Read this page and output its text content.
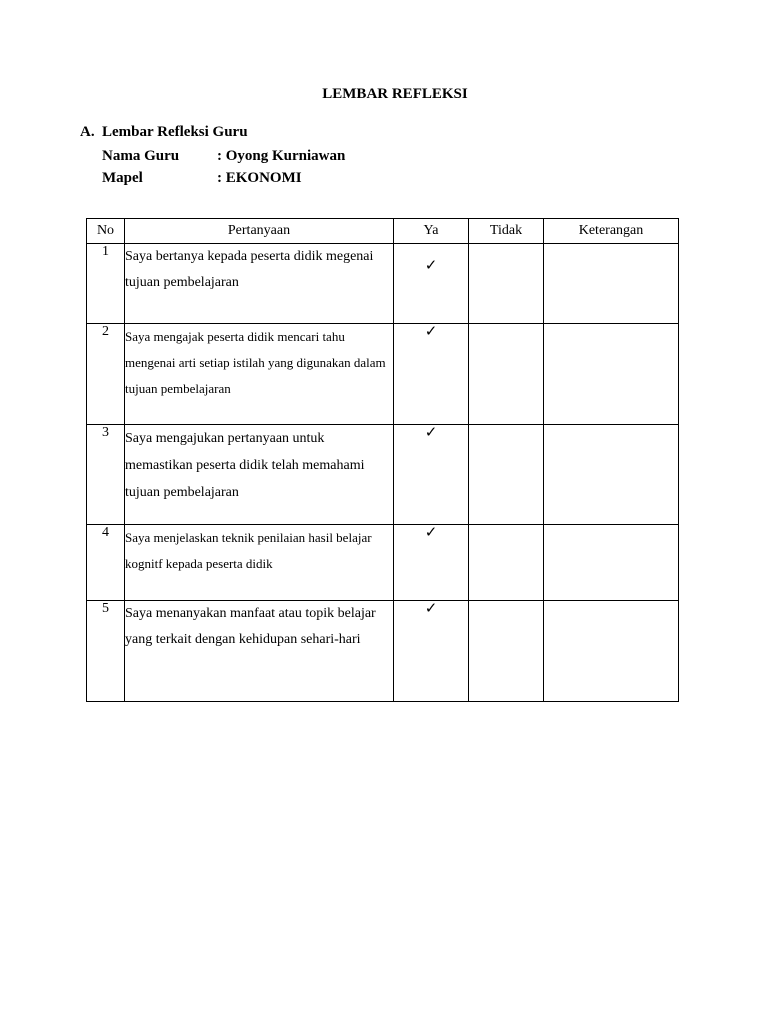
LEMBAR REFLEKSI
A. Lembar Refleksi Guru
Nama Guru	: Oyong Kurniawan
Mapel	: EKONOMI
No	Pertanyaan	Ya	Tidak	Keterangan
1	Saya bertanya kepada peserta didik megenai tujuan pembelajaran	✓		
2	Saya mengajak peserta didik mencari tahu mengenai arti setiap istilah yang digunakan dalam tujuan pembelajaran	✓		
3	Saya mengajukan pertanyaan untuk memastikan peserta didik telah memahami tujuan pembelajaran	✓		
4	Saya menjelaskan teknik penilaian hasil belajar kognitf kepada peserta didik	✓		
5	Saya menanyakan manfaat atau topik belajar yang terkait dengan kehidupan sehari-hari	✓		
